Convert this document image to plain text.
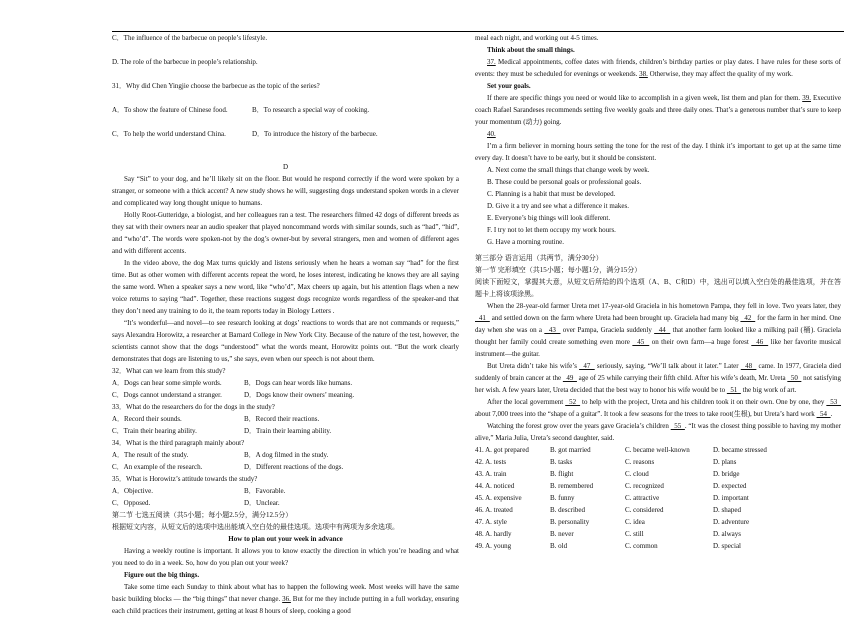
C．The influence of the barbecue on people’s lifestyle.

D. The role of the barbecue in people’s relationship.

31．Why did Chen Yingjie choose the barbecue as the topic of the series?

A．To show the feature of Chinese food.	B．To research a special way of cooking.
C．To help the world understand China.	D．To introduce the history of the barbecue.

D

Say “Sit” to your dog, and he’ll likely sit on the floor. But would he respond correctly if the word were spoken by a stranger, or someone with a thick accent? A new study shows he will, suggesting dogs understand spoken words in a clever and complicated way long thought unique to humans.

Holly Root-Gutteridge, a biologist, and her colleagues ran a test. The researchers filmed 42 dogs of different breeds as they sat with their owners near an audio speaker that played noncommand words with similar sounds, such as “had”, “hid”, and “who’d”. The words were spoken-not by the dog’s owner-but by several strangers, men and women of different ages and with different accents.

In the video above, the dog Max turns quickly and listens seriously when he hears a woman say “had” for the first time. But as other women with different accents repeat the word, he loses interest, indicating he knows they are all saying the same word. When a speaker says a new word, like “who’d”, Max cheers up again, but his attention flags when a new voice returns to saying “had”. Together, these reactions suggest dogs recognize words regardless of the speaker-and that they don’t need any training to do it, the team reports today in Biology Letters .

“It’s wonderful—and novel—to see research looking at dogs’ reactions to words that are not commands or requests,” says Alexandra Horowitz, a researcher at Barnard College in New York City. Because of the nature of the test, however, the scientists cannot show that the dogs “understood” what the words meant, Horowitz points out. “But the work clearly demonstrates that dogs are listening to us,” she says, even when our speech is not about them.

32．What can we learn from this study?

A．Dogs can hear some simple words.	B．Dogs can hear words like humans.
C．Dogs cannot understand a stranger.	D．Dogs know their owners’ meaning.

33．What do the researchers do for the dogs in the study?

A．Record their sounds.	B．Record their reactions.
C．Train their hearing ability.	D．Train their learning ability.

34．What is the third paragraph mainly about?

A．The result of the study.	B．A dog filmed in the study.
C．An example of the research.	D．Different reactions of the dogs.

35．What is Horowitz’s attitude towards the study?

A．Objective.	B．Favorable.
C．Opposed.	D．Unclear.

第二节 七选五阅读（共5小题；每小题2.5分，满分12.5分）

根据短文内容，从短文后的选项中选出能填入空白处的最佳选项。选项中有两项为多余选项。

How to plan out your week in advance

Having a weekly routine is important. It allows you to know exactly the direction in which you’re heading and what you need to do in a week. So, how do you plan out your week?

Figure out the big things.

Take some time each Sunday to think about what has to happen the following week. Most weeks will have the same basic building blocks — the “big things” that never change. 36. But for me they include putting in a full workday, ensuring each child practices their instrument, getting at least 8 hours of sleep, cooking a good

meal each night, and working out 4-5 times.

Think about the small things.

37. Medical appointments, coffee dates with friends, children’s birthday parties or play dates. I have rules for these sorts of events: they must be scheduled for evenings or weekends. 38. Otherwise, they may affect the quality of my work.

Set your goals.

If there are specific things you need or would like to accomplish in a given week, list them and plan for them. 39. Executive coach Rafael Sarandeses recommends setting five weekly goals and three daily ones. That’s a generous number that’s sure to keep your momentum (动力) going.

40.

I’m a firm believer in morning hours setting the tone for the rest of the day. I think it’s important to get up at the same time every day. It doesn’t have to be early, but it should be consistent.

A. Next come the small things that change week by week.

B. These could be personal goals or professional goals.

C. Planning is a habit that must be developed.

D. Give it a try and see what a difference it makes.

E. Everyone’s big things will look different.

F. I try not to let them occupy my work hours.

G. Have a morning routine.

第三部分 语言运用（共两节，满分30分）

第一节 完形填空（共15小题；每小题1分，满分15分）

阅读下面短文，掌握其大意，从短文后所给的四个选项（A、B、C和D）中，选出可以填入空白处的最佳选项，并在答题卡上将该项涂黑。

When the 28-year-old farmer Ureta met 17-year-old Graciela in his hometown Pampa, they fell in love. Two years later, they   41   and settled down on the farm where Ureta had been brought up. Graciela had many big   42   for the farm in her mind. One day when she was on a   43   over Pampa, Graciela suddenly   44   that another farm looked like a milking pail (桶). Graciela thought her family could create something even more   45   on their own farm—a huge forest   46   like her favorite musical instrument—the guitar.

But Ureta didn’t take his wife’s   47   seriously, saying, “We’ll talk about it later.” Later   48   came. In 1977, Graciela died suddenly of brain cancer at the   49   age of 25 while carrying their fifth child. After his wife’s death, Mr. Ureta   50   not satisfying her wish. A few years later, Ureta decided that the best way to honor his wife would be to   51   the big work of art.

After the local government   52   to help with the project, Ureta and his children took it on their own. One by one, they   53   about 7,000 trees into the “shape of a guitar”. It took a few seasons for the trees to take root(生根), but Ureta’s hard work   54  .

Watching the forest grow over the years gave Graciela’s children   55  . “It was the closest thing possible to having my mother alive,” Maria Julia, Ureta’s second daughter, said.

41. A. got prepared	B. got married	C. became well-known	D. became stressed
42. A. tests	B. tasks	C. reasons	D. plans
43. A. train	B. flight	C. cloud	D. bridge
44. A. noticed	B. remembered	C. recognized	D. expected
45. A. expensive	B. funny	C. attractive	D. important
46. A. treated	B. described	C. considered	D. shaped
47. A. style	B. personality	C. idea	D. adventure
48. A. hardly	B. never	C. still	D. always
49. A. young	B. old	C. common	D. special
